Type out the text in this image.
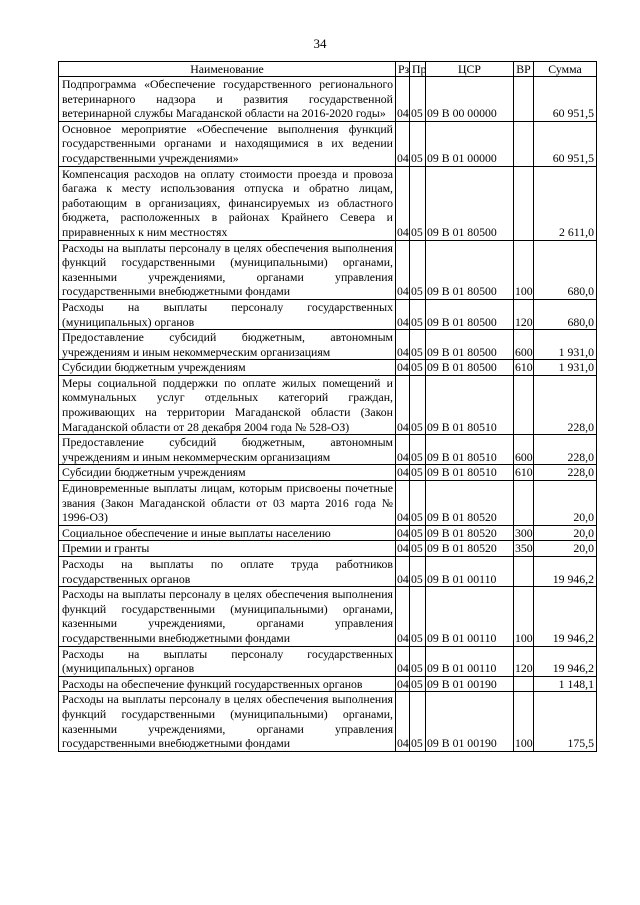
34
Наименование	Рз	Пр	ЦСР	ВР	Сумма
Подпрограмма «Обеспечение государственного регионального ветеринарного надзора и развития государственной ветеринарной службы Магаданской области на 2016-2020 годы»	04	05	09 В 00 00000		60 951,5
Основное мероприятие «Обеспечение выполнения функций государственными органами и находящимися в их ведении государственными учреждениями»	04	05	09 В 01 00000		60 951,5
Компенсация расходов на оплату стоимости проезда и провоза багажа к месту использования отпуска и обратно лицам, работающим в организациях, финансируемых из областного бюджета, расположенных в районах Крайнего Севера и приравненных к ним местностях	04	05	09 В 01 80500		2 611,0
Расходы на выплаты персоналу в целях обеспечения выполнения функций государственными (муниципальными) органами, казенными учреждениями, органами управления государственными внебюджетными фондами	04	05	09 В 01 80500	100	680,0
Расходы на выплаты персоналу государственных (муниципальных) органов	04	05	09 В 01 80500	120	680,0
Предоставление субсидий бюджетным, автономным учреждениям и иным некоммерческим организациям	04	05	09 В 01 80500	600	1 931,0
Субсидии бюджетным учреждениям	04	05	09 В 01 80500	610	1 931,0
Меры социальной поддержки по оплате жилых помещений и коммунальных услуг отдельных категорий граждан, проживающих на территории Магаданской области (Закон Магаданской области от 28 декабря 2004 года № 528-ОЗ)	04	05	09 В 01 80510		228,0
Предоставление субсидий бюджетным, автономным учреждениям и иным некоммерческим организациям	04	05	09 В 01 80510	600	228,0
Субсидии бюджетным учреждениям	04	05	09 В 01 80510	610	228,0
Единовременные выплаты лицам, которым присвоены почетные звания (Закон Магаданской области от 03 марта 2016 года № 1996-ОЗ)	04	05	09 В 01 80520		20,0
Социальное обеспечение и иные выплаты населению	04	05	09 В 01 80520	300	20,0
Премии и гранты	04	05	09 В 01 80520	350	20,0
Расходы на выплаты по оплате труда работников государственных органов	04	05	09 В 01 00110		19 946,2
Расходы на выплаты персоналу в целях обеспечения выполнения функций государственными (муниципальными) органами, казенными учреждениями, органами управления государственными внебюджетными фондами	04	05	09 В 01 00110	100	19 946,2
Расходы на выплаты персоналу государственных (муниципальных) органов	04	05	09 В 01 00110	120	19 946,2
Расходы на обеспечение функций государственных органов	04	05	09 В 01 00190		1 148,1
Расходы на выплаты персоналу в целях обеспечения выполнения функций государственными (муниципальными) органами, казенными учреждениями, органами управления государственными внебюджетными фондами	04	05	09 В 01 00190	100	175,5
